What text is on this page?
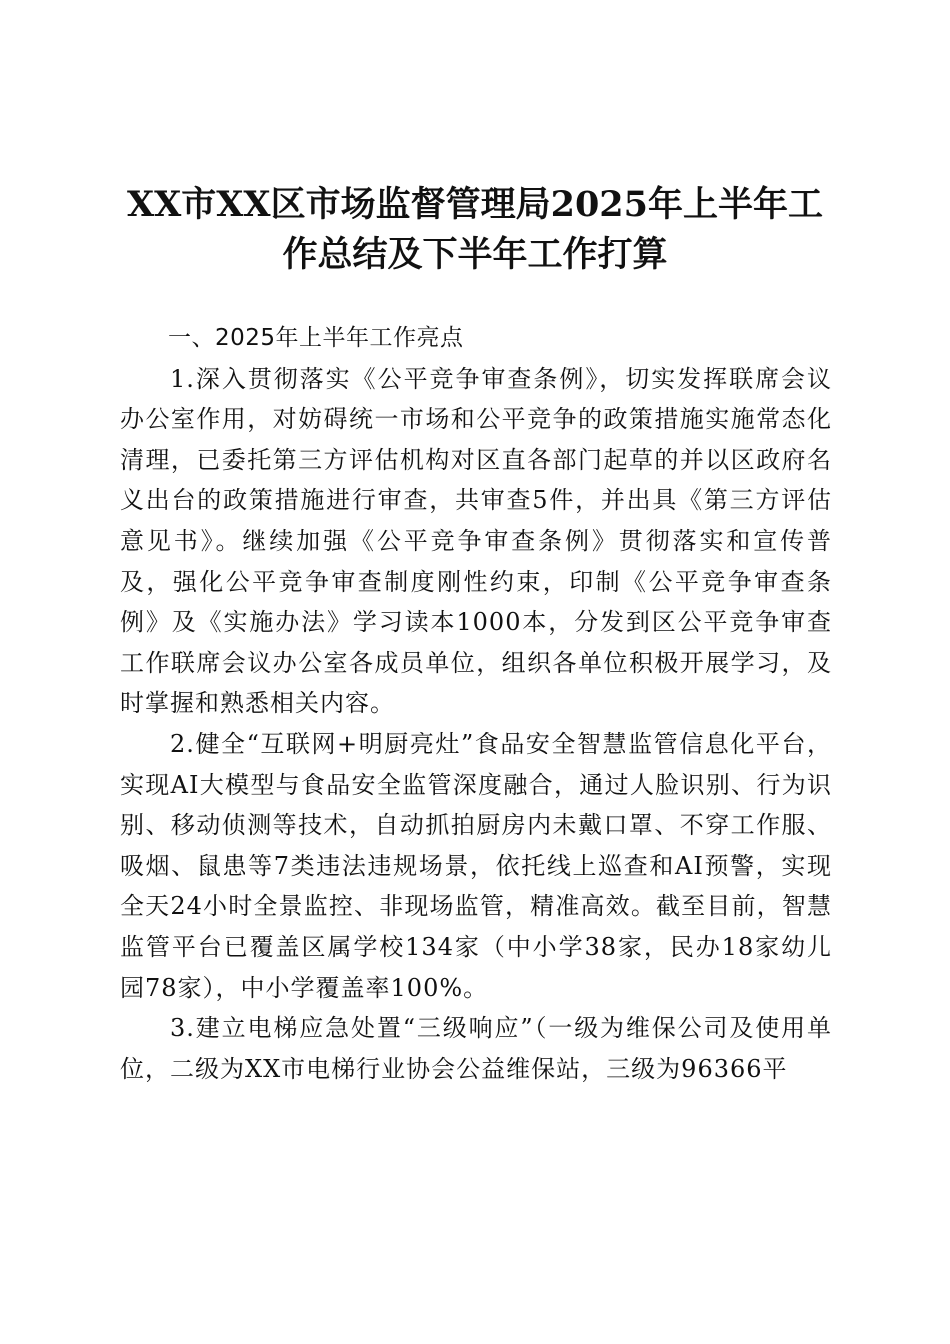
XX市XX区市场监督管理局2025年上半年工
作总结及下半年工作打算

一、2025年上半年工作亮点

1.深入贯彻落实《公平竞争审查条例》，切实发挥联席会议办公室作用，对妨碍统一市场和公平竞争的政策措施实施常态化清理，已委托第三方评估机构对区直各部门起草的并以区政府名义出台的政策措施进行审查，共审查5件，并出具《第三方评估意见书》。继续加强《公平竞争审查条例》贯彻落实和宣传普及，强化公平竞争审查制度刚性约束，印制《公平竞争审查条例》及《实施办法》学习读本1000本，分发到区公平竞争审查工作联席会议办公室各成员单位，组织各单位积极开展学习，及时掌握和熟悉相关内容。

2.健全“互联网+明厨亮灶”食品安全智慧监管信息化平台，实现AI大模型与食品安全监管深度融合，通过人脸识别、行为识别、移动侦测等技术，自动抓拍厨房内未戴口罩、不穿工作服、吸烟、鼠患等7类违法违规场景，依托线上巡查和AI预警，实现全天24小时全景监控、非现场监管，精准高效。截至目前，智慧监管平台已覆盖区属学校134家（中小学38家，民办18家幼儿园78家），中小学覆盖率100%。

3.建立电梯应急处置“三级响应”（一级为维保公司及使用单位，二级为XX市电梯行业协会公益维保站，三级为96366平
